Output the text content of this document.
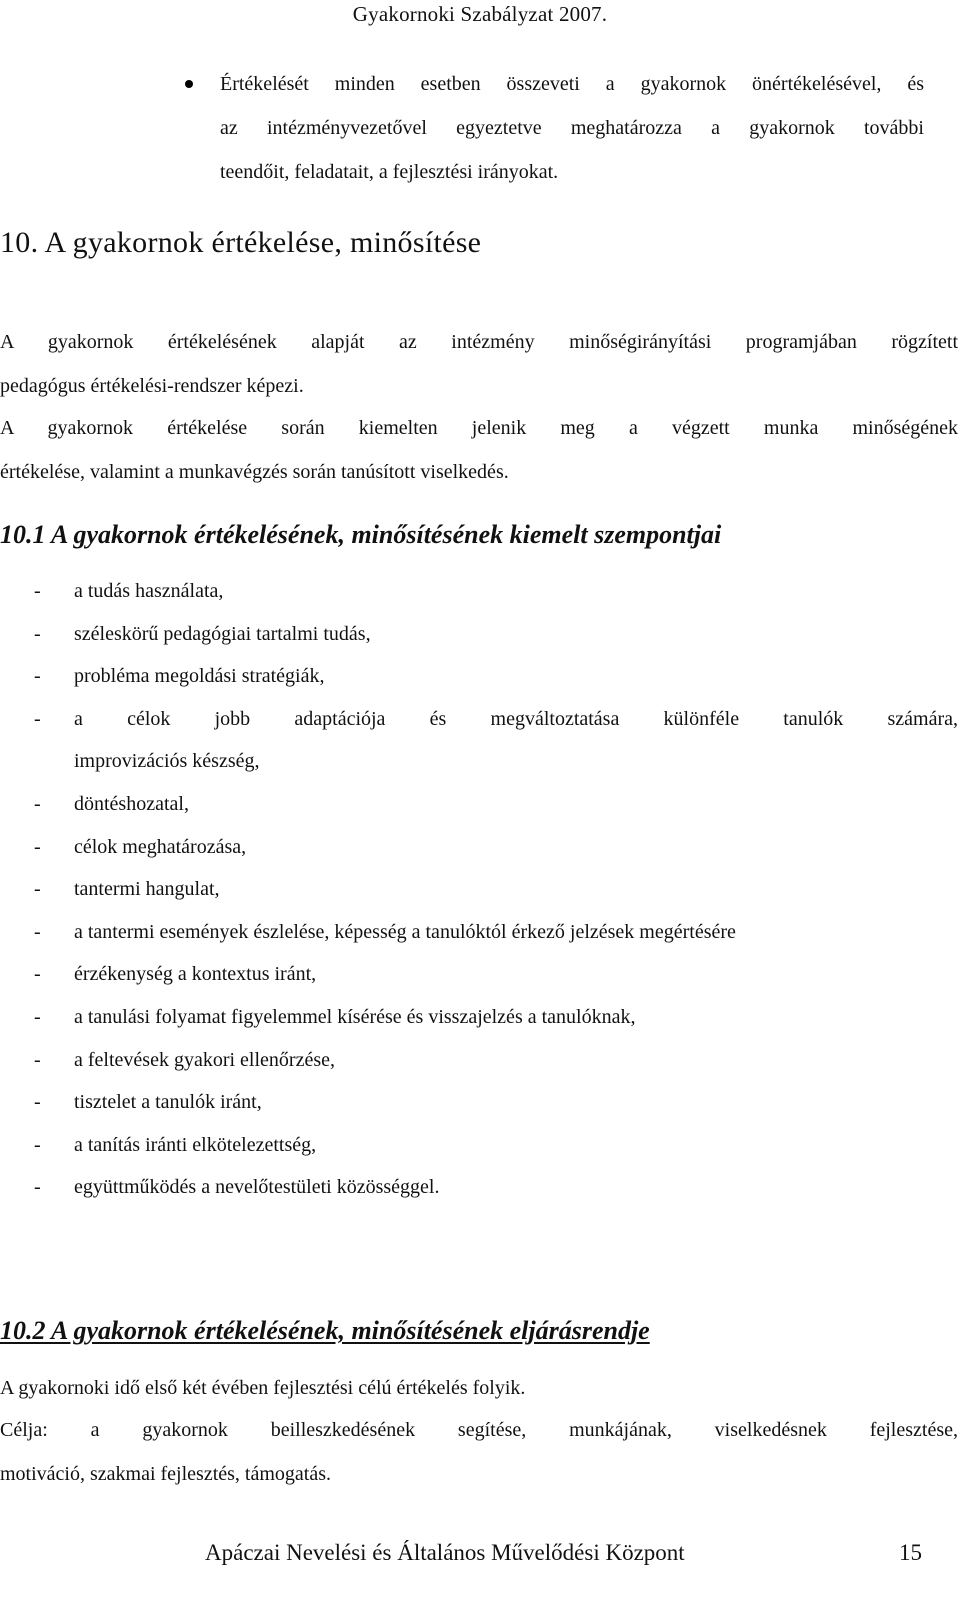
Gyakornoki Szabályzat 2007.
Értékelését minden esetben összeveti a gyakornok önértékelésével, és
az intézményvezetővel egyeztetve meghatározza a gyakornok további
teendőit, feladatait, a fejlesztési irányokat.
10. A gyakornok értékelése, minősítése
A gyakornok értékelésének alapját az intézmény minőségirányítási programjában rögzített
pedagógus értékelési-rendszer képezi.
A gyakornok értékelése során kiemelten jelenik meg a végzett munka minőségének
értékelése, valamint a munkavégzés során tanúsított viselkedés.
10.1 A gyakornok értékelésének, minősítésének kiemelt szempontjai
- a tudás használata,
- széleskörű pedagógiai tartalmi tudás,
- probléma megoldási stratégiák,
- a célok jobb adaptációja és megváltoztatása különféle tanulók számára,
improvizációs készség,
- döntéshozatal,
- célok meghatározása,
- tantermi hangulat,
- a tantermi események észlelése, képesség a tanulóktól érkező jelzések megértésére
- érzékenység a kontextus iránt,
- a tanulási folyamat figyelemmel kísérése és visszajelzés a tanulóknak,
- a feltevések gyakori ellenőrzése,
- tisztelet a tanulók iránt,
- a tanítás iránti elkötelezettség,
- együttműködés a nevelőtestületi közösséggel.
10.2 A gyakornok értékelésének, minősítésének eljárásrendje
A gyakornoki idő első két évében fejlesztési célú értékelés folyik.
Célja: a gyakornok beilleszkedésének segítése, munkájának, viselkedésnek fejlesztése,
motiváció, szakmai fejlesztés, támogatás.
Apáczai Nevelési és Általános Művelődési Központ	15
